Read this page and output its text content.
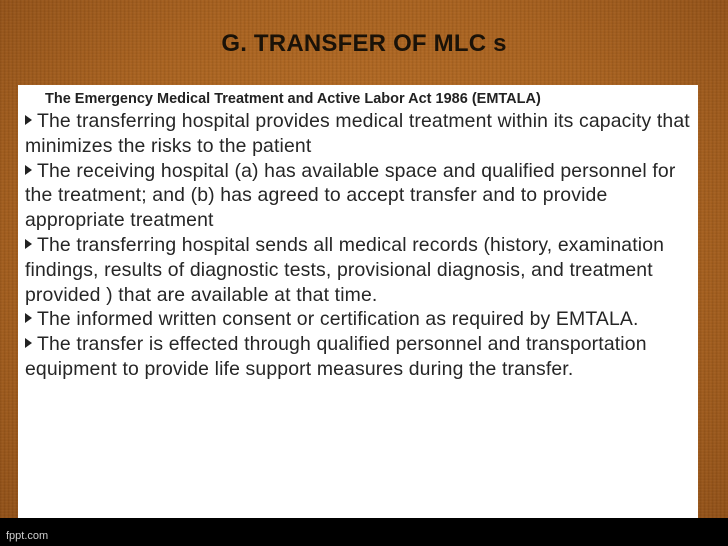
G. TRANSFER OF MLC s
The Emergency Medical Treatment and Active Labor Act 1986 (EMTALA)
The transferring hospital provides medical treatment within its capacity that minimizes the risks to the patient
The receiving hospital (a) has available space and qualified personnel for the treatment; and (b) has agreed to accept transfer and to provide appropriate treatment
The transferring hospital sends all medical records (history, examination findings, results of diagnostic tests, provisional diagnosis, and treatment provided ) that are available at that time.
The informed written consent or certification as required by EMTALA.
The transfer is effected through qualified personnel and transportation equipment to provide life support measures during the transfer.
fppt.com
